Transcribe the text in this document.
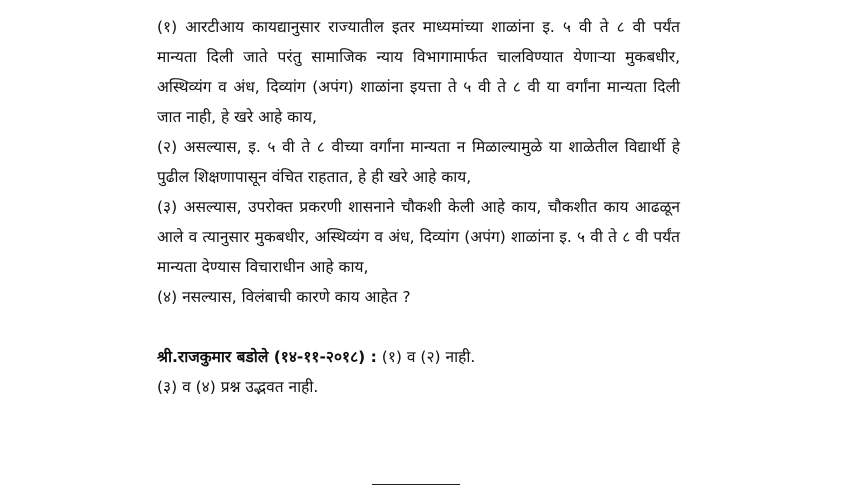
(१) आरटीआय कायद्यानुसार राज्यातील इतर माध्यमांच्या शाळांना इ. ५ वी ते ८ वी पर्यंत मान्यता दिली जाते परंतु सामाजिक न्याय विभागामार्फत चालविण्यात येणाऱ्या मुकबधीर, अस्थिव्यंग व अंध, दिव्यांग (अपंग) शाळांना इयत्ता ते ५ वी ते ८ वी या वर्गांना मान्यता दिली जात नाही, हे खरे आहे काय,

(२) असल्यास, इ. ५ वी ते ८ वीच्या वर्गांना मान्यता न मिळाल्यामुळे या शाळेतील विद्यार्थी हे पुढील शिक्षणापासून वंचित राहतात, हे ही खरे आहे काय,

(३) असल्यास, उपरोक्त प्रकरणी शासनाने चौकशी केली आहे काय, चौकशीत काय आढळून आले व त्यानुसार मुकबधीर, अस्थिव्यंग व अंध, दिव्यांग (अपंग) शाळांना इ. ५ वी ते ८ वी पर्यंत मान्यता देण्यास विचाराधीन आहे काय,

(४) नसल्यास, विलंबाची कारणे काय आहेत ?

श्री.राजकुमार बडोले (१४-११-२०१८) : (१) व (२) नाही.

(३) व (४) प्रश्न उद्भवत नाही.
